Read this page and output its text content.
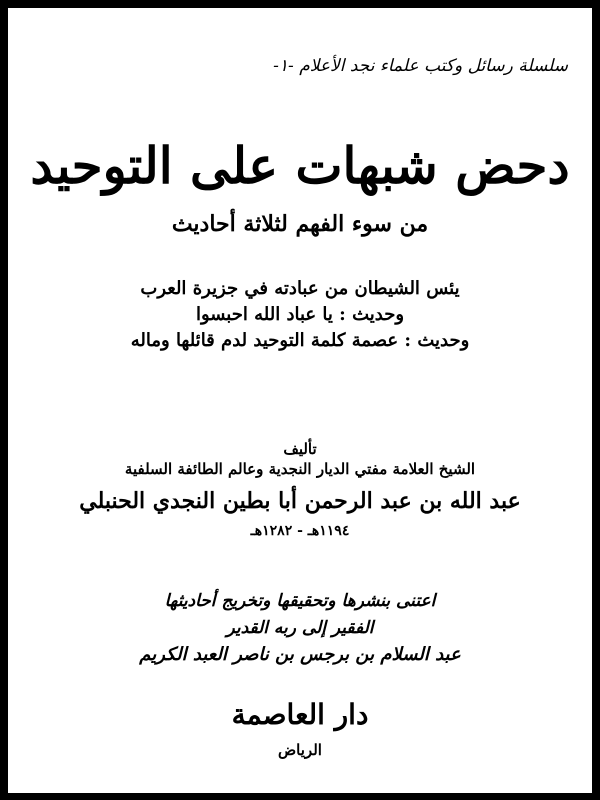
سلسلة رسائل وكتب علماء نجد الأعلام -١-
دحض شبهات على التوحيد
من سوء الفهم لثلاثة أحاديث
يئس الشيطان من عبادته في جزيرة العرب
وحديث : يا عباد الله احبسوا
وحديث : عصمة كلمة التوحيد لدم قائلها وماله
تأليف
الشيخ العلامة مفتي الديار النجدية وعالم الطائفة السلفية
عبد الله بن عبد الرحمن أبا بطين النجدي الحنبلي
١١٩٤هـ - ١٢٨٢هـ
اعتنى بنشرها وتحقيقها وتخريج أحاديثها
الفقير إلى ربه القدير
عبد السلام بن برجس بن ناصر العبد الكريم
دار العاصمة
الرياض
